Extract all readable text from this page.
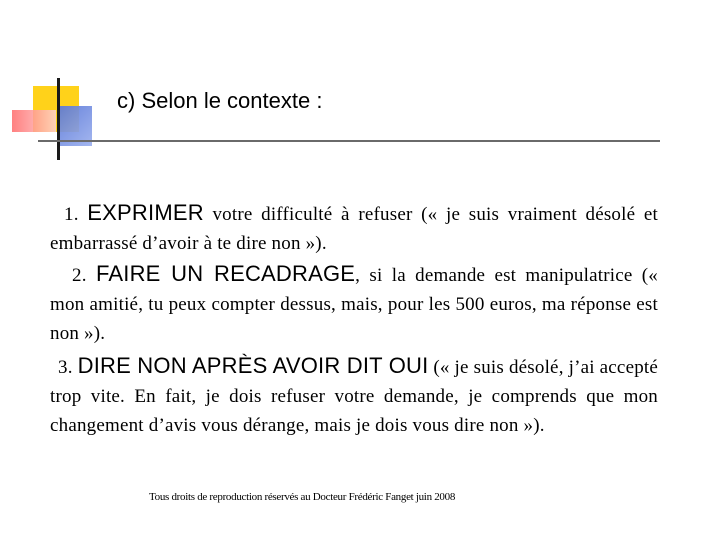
c) Selon le contexte :
1. EXPRIMER votre difficulté à refuser (« je suis vraiment désolé et embarrassé d’avoir à te dire non »).
2. FAIRE UN RECADRAGE, si la demande est manipulatrice (« mon amitié, tu peux compter dessus, mais, pour les 500 euros, ma réponse est non »).
3. DIRE NON APRÈS AVOIR DIT OUI (« je suis désolé, j’ai accepté trop vite. En fait, je dois refuser votre demande, je comprends que mon changement d’avis vous dérange, mais je dois vous dire non »).
Tous droits de reproduction réservés au Docteur Frédéric Fanget juin 2008
